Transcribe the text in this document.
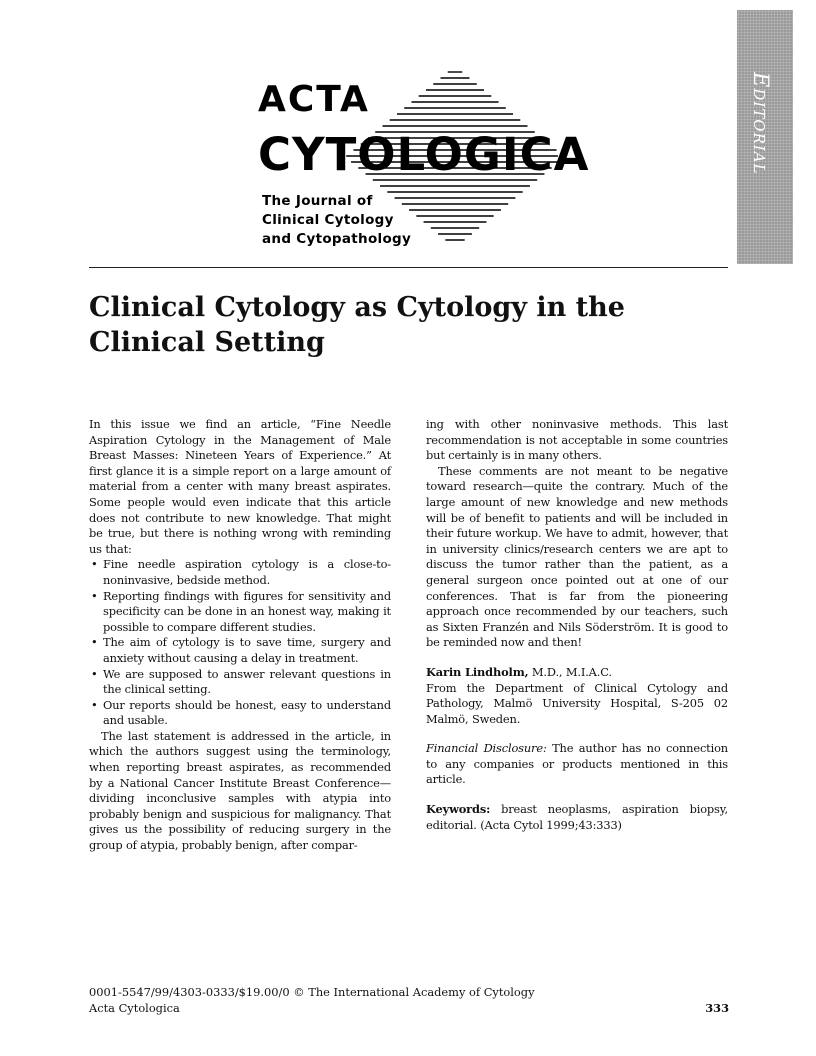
Editorial

ACTA

CYTOLOGICA

The Journal of
Clinical Cytology
and Cytopathology

Clinical Cytology as Cytology in the Clinical Setting

In this issue we find an article, “Fine Needle Aspiration Cytology in the Management of Male Breast Masses: Nineteen Years of Experience.” At first glance it is a simple report on a large amount of material from a center with many breast aspirates. Some people would even indicate that this article does not contribute to new knowledge. That might be true, but there is nothing wrong with reminding us that:

• Fine needle aspiration cytology is a close-to-noninvasive, bedside method.
• Reporting findings with figures for sensitivity and specificity can be done in an honest way, making it possible to compare different studies.
• The aim of cytology is to save time, surgery and anxiety without causing a delay in treatment.
• We are supposed to answer relevant questions in the clinical setting.
• Our reports should be honest, easy to understand and usable.

The last statement is addressed in the article, in which the authors suggest using the terminology, when reporting breast aspirates, as recommended by a National Cancer Institute Breast Conference—dividing inconclusive samples with atypia into probably benign and suspicious for malignancy. That gives us the possibility of reducing surgery in the group of atypia, probably benign, after compar-

ing with other noninvasive methods. This last recommendation is not acceptable in some countries but certainly is in many others.

These comments are not meant to be negative toward research—quite the contrary. Much of the large amount of new knowledge and new methods will be of benefit to patients and will be included in their future workup. We have to admit, however, that in university clinics/research centers we are apt to discuss the tumor rather than the patient, as a general surgeon once pointed out at one of our conferences. That is far from the pioneering approach once recommended by our teachers, such as Sixten Franzén and Nils Söderström. It is good to be reminded now and then!

Karin Lindholm, M.D., M.I.A.C.

From the Department of Clinical Cytology and Pathology, Malmö University Hospital, S-205 02 Malmö, Sweden.

Financial Disclosure: The author has no connection to any companies or products mentioned in this article.

Keywords: breast neoplasms, aspiration biopsy, editorial. (Acta Cytol 1999;43:333)

0001-5547/99/4303-0333/$19.00/0 © The International Academy of Cytology
Acta Cytologica	333
